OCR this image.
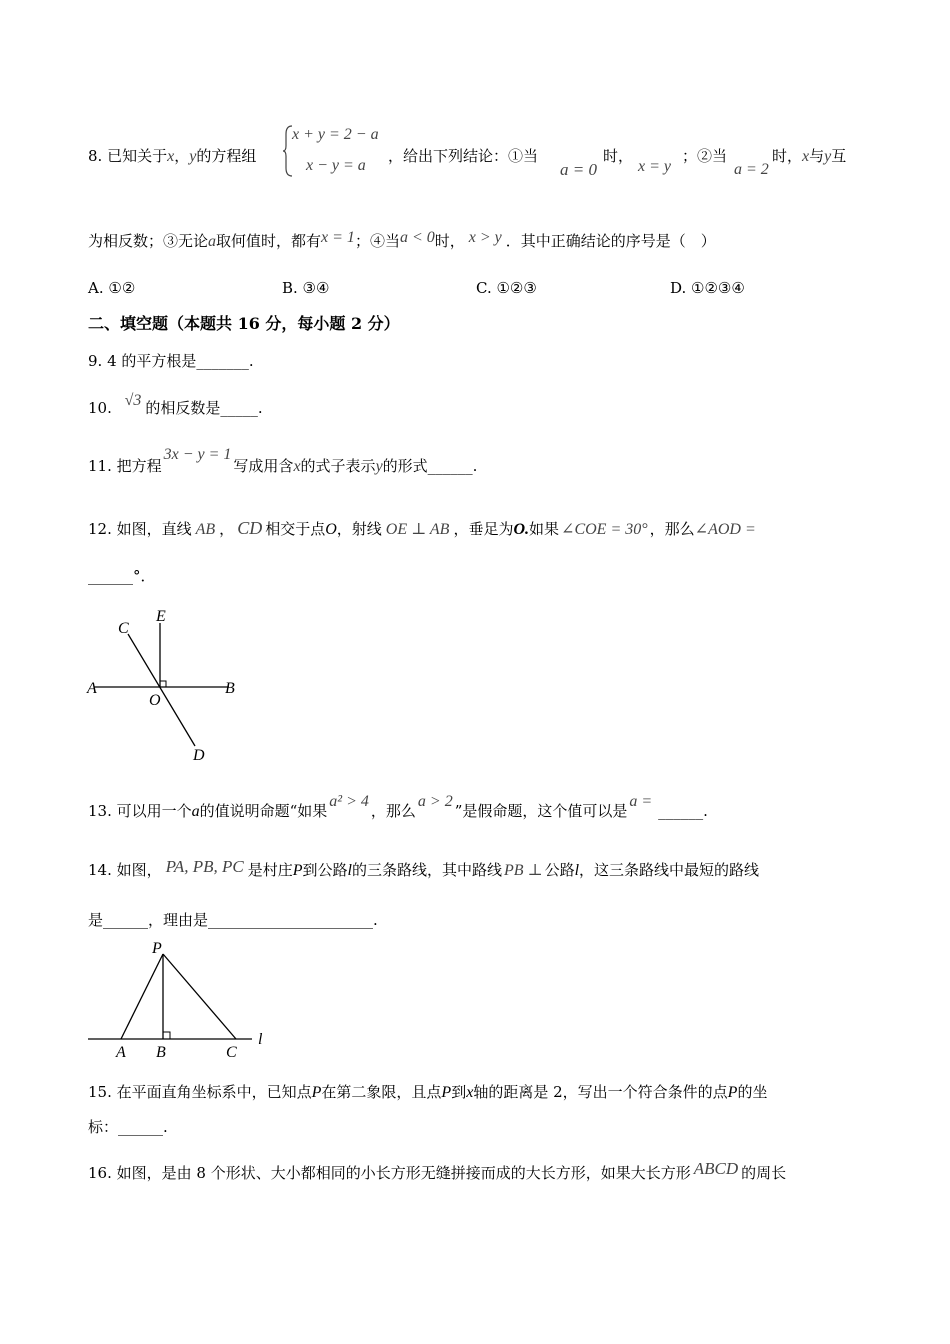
8. 已知关于x，y的方程组
x + y = 2 − a
x − y = a
，给出下列结论：①当
a = 0
时，
x = y
；②当
a = 2
时，x与y互
为相反数；③无论a取何值时，都有x = 1；④当a < 0时， x > y ．其中正确结论的序号是（　）
A. ①②	B. ③④	C. ①②③	D. ①②③④
二、填空题（本题共 16 分，每小题 2 分）
9. 4 的平方根是_______.
10. √3 的相反数是_____.
11. 把方程3x − y = 1写成用含x的式子表示y的形式______.
12. 如图，直线 AB ， CD 相交于点O，射线 OE ⊥ AB ，垂足为O.如果 ∠COE = 30° ，那么∠AOD =
______°．
C
E
A
O
B
D
13. 可以用一个a的值说明命题“如果a² > 4，那么a > 2”是假命题，这个值可以是a =______.
14. 如图， PA, PB, PC 是村庄P到公路l的三条路线，其中路线 PB ⊥ 公路l，这三条路线中最短的路线
是______，理由是______________________.
P
A B	C
l
15. 在平面直角坐标系中，已知点P在第二象限，且点P到x轴的距离是 2，写出一个符合条件的点P的坐
标：______.
16. 如图，是由 8 个形状、大小都相同的小长方形无缝拼接而成的大长方形，如果大长方形 ABCD 的周长
